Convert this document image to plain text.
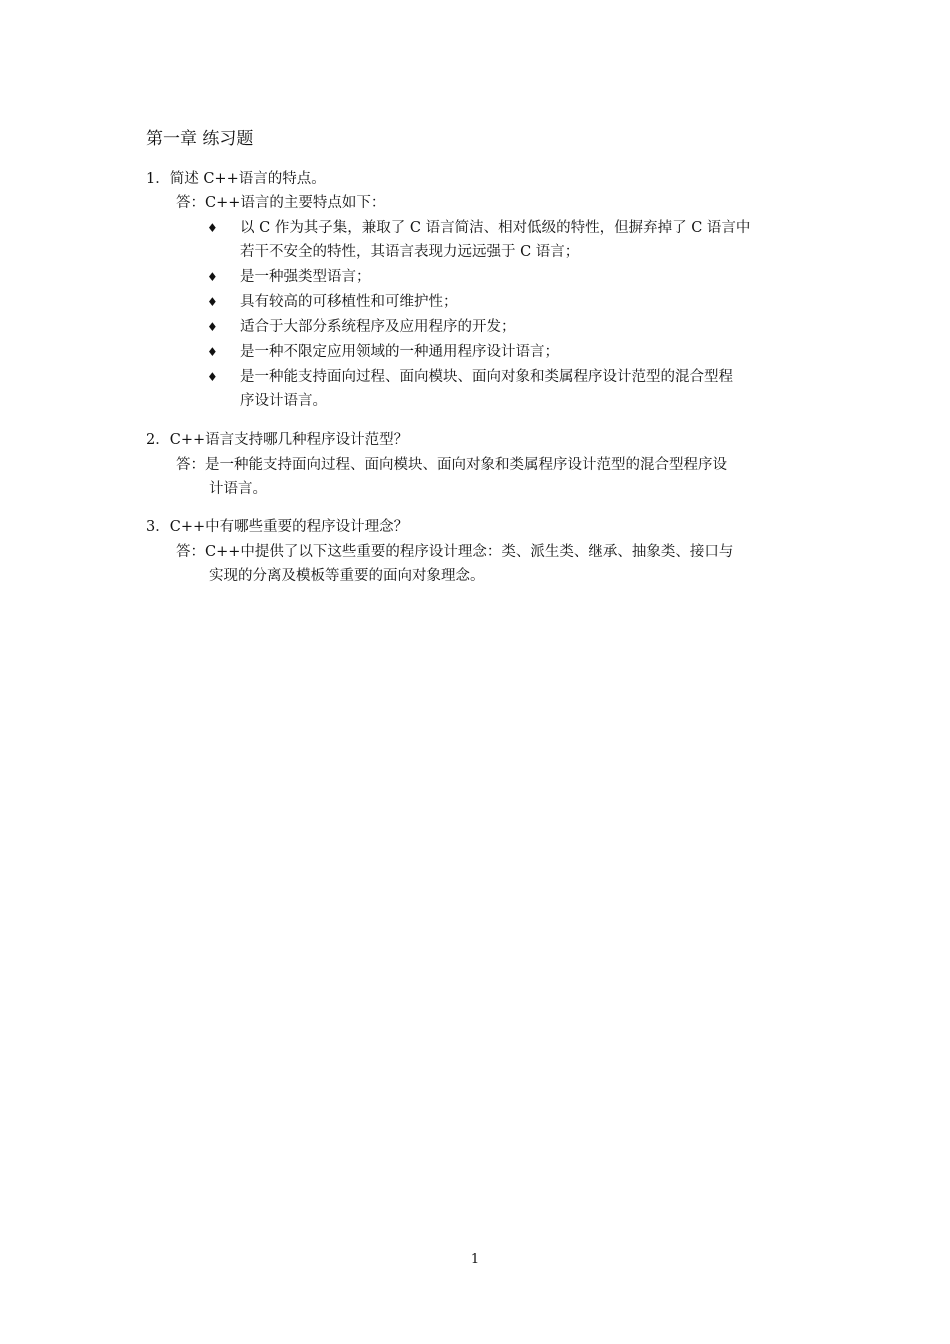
第一章 练习题
1．简述 C++语言的特点。
答：C++语言的主要特点如下：
♦ 以 C 作为其子集，兼取了 C 语言简洁、相对低级的特性，但摒弃掉了 C 语言中
若干不安全的特性，其语言表现力远远强于 C 语言；
♦ 是一种强类型语言；
♦ 具有较高的可移植性和可维护性；
♦ 适合于大部分系统程序及应用程序的开发；
♦ 是一种不限定应用领域的一种通用程序设计语言；
♦ 是一种能支持面向过程、面向模块、面向对象和类属程序设计范型的混合型程
序设计语言。
2．C++语言支持哪几种程序设计范型？
答：是一种能支持面向过程、面向模块、面向对象和类属程序设计范型的混合型程序设
计语言。
3．C++中有哪些重要的程序设计理念？
答：C++中提供了以下这些重要的程序设计理念：类、派生类、继承、抽象类、接口与
实现的分离及模板等重要的面向对象理念。
1
